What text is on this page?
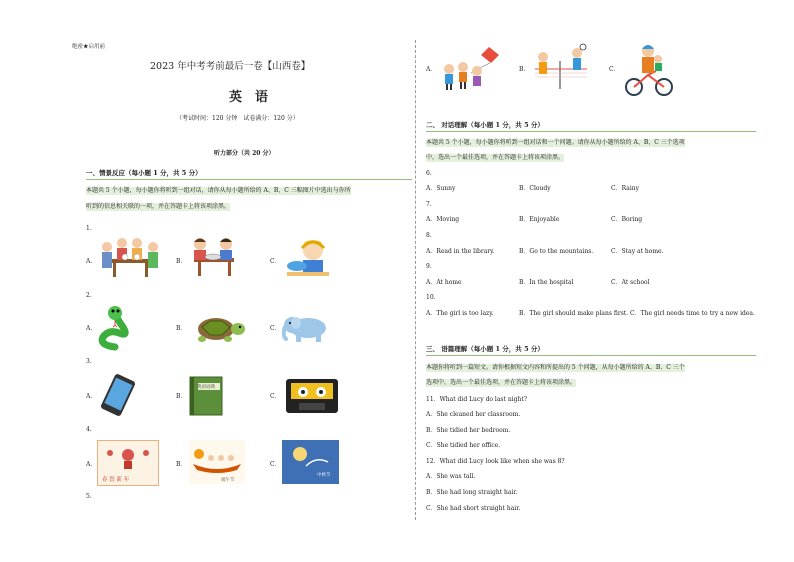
绝密★启用前
2023 年中考考前最后一卷【山西卷】
英　语
（考试时间：120 分钟　试卷满分：120 分）
听力部分（共 20 分）
一、情景反应（每小题 1 分，共 5 分）
本题共 5 个小题，每小题你将听到一组对话，请你从每小题所给的 A、B、C 三幅图片中选出与你所
听到的信息相关联的一项，并在答题卡上将该项涂黑。
1.
A．	B．	C．
2.
A．	B．	C．
3.
A．	B．	C．
英语词典
4.
A．	B．	C．
春 賀 新 年	端午节
中秋节
5.
A．	B．	C．
二、 对话理解（每小题 1 分，共 5 分）
本题共 5 个小题，每小题你将听到一组对话和一个问题。请你从每小题所给的 A、B、C 三个选项
中，选出一个最佳选项，并在答题卡上将该项涂黑。
6.
A．Sunny	B．Cloudy	C．Rainy
7.
A．Moving	B．Enjoyable	C．Boring
8.
A．Read in the library.	B．Go to the mountains.	C．Stay at home.
9.
A．At home	B．In the hospital	C．At school
10.
A．The girl is too lazy.	B．The girl should make plans first. C．The girl needs time to try a new idea.
三、 语篇理解（每小题 1 分，共 5 分）
本题你将听到一篇短文。请你根据短文内容和所提出的 5 个问题，从每小题所给的 A、B、C 三个
选项中，选出一个最佳选项，并在答题卡上将该项涂黑。
11．What did Lucy do last night?
A．She cleaned her classroom.
B．She tidied her bedroom.
C．She tidied her office.
12．What did Lucy look like when she was 8?
A．She was tall.
B．She had long straight hair.
C．She had short straight hair.
